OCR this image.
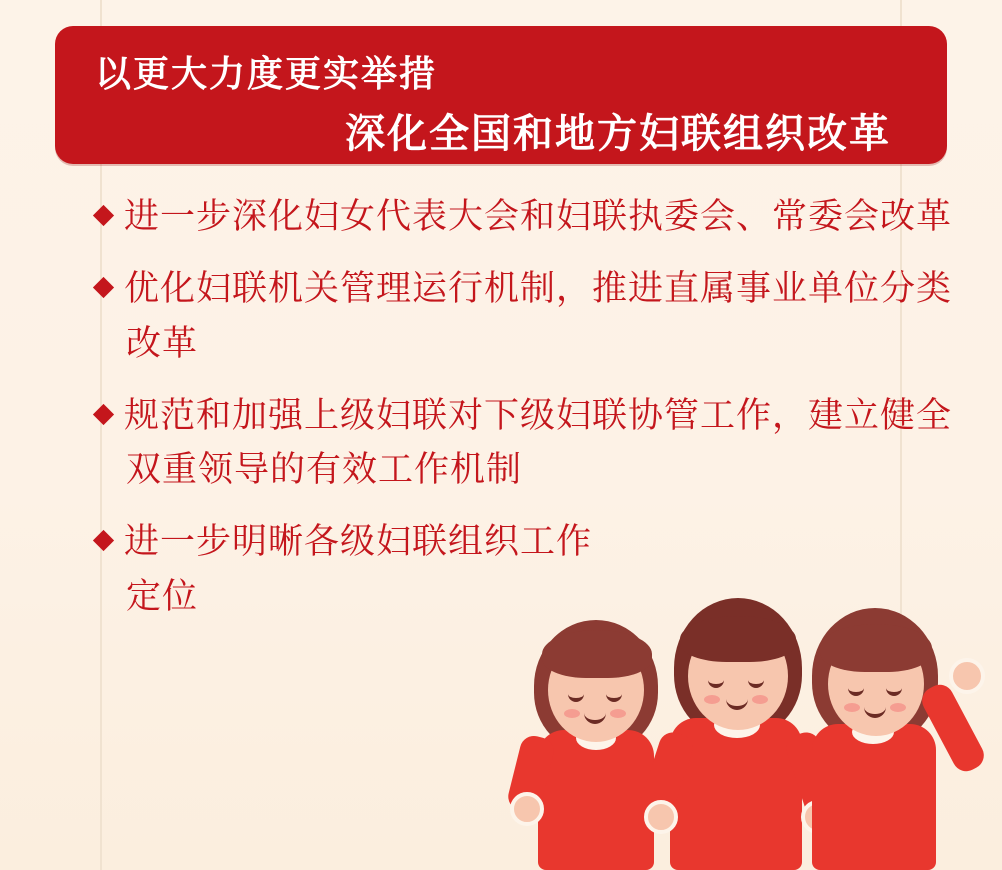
以更大力度更实举措
深化全国和地方妇联组织改革
进一步深化妇女代表大会和妇联执委会、常委会改革
优化妇联机关管理运行机制，推进直属事业单位分类改革
规范和加强上级妇联对下级妇联协管工作，建立健全双重领导的有效工作机制
进一步明晰各级妇联组织工作定位
